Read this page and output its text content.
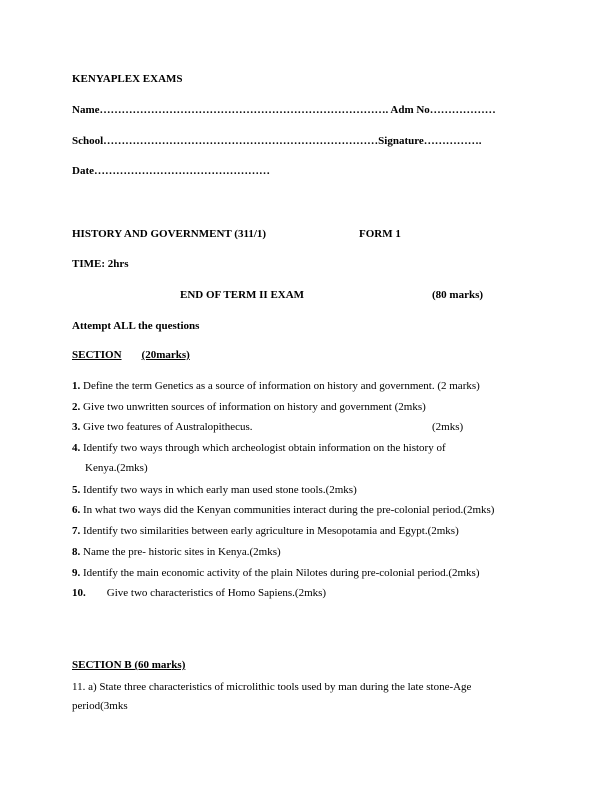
KENYAPLEX EXAMS
Name……………………………………………………………………. Adm No………………
School…………………………………………………………………Signature…………….
Date…………………………………………
HISTORY AND GOVERNMENT (311/1)	FORM 1
TIME: 2hrs
END OF TERM II EXAM	(80 marks)
Attempt ALL the questions
SECTION (20marks)
1. Define the term Genetics as a source of information on history and government. (2 marks)
2. Give two unwritten sources of information on history and government (2mks)
3. Give two features of Australopithecus.	(2mks)
4. Identify two ways through which archeologist obtain information on the history of
Kenya.(2mks)
5. Identify two ways in which early man used stone tools.(2mks)
6. In what two ways did the Kenyan communities interact during the pre-colonial period.(2mks)
7. Identify two similarities between early agriculture in Mesopotamia and Egypt.(2mks)
8. Name the pre- historic sites in Kenya.(2mks)
9. Identify the main economic activity of the plain Nilotes during pre-colonial period.(2mks)
10. Give two characteristics of Homo Sapiens.(2mks)
SECTION B (60 marks)
11. a) State three characteristics of microlithic tools used by man during the late stone-Age
period(3mks
